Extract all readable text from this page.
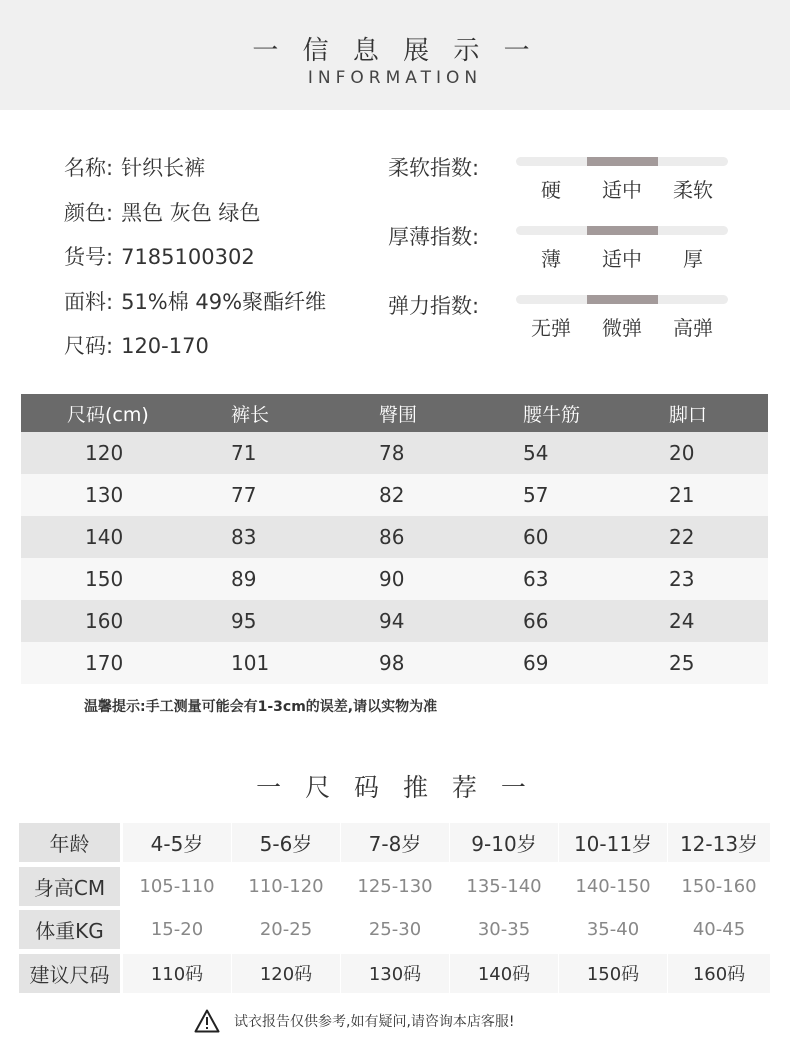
一 信 息 展 示 一
INFORMATION
名称: 针织长裤
颜色: 黑色 灰色 绿色
货号: 7185100302
面料: 51%棉 49%聚酯纤维
尺码: 120-170
柔软指数:
硬	适中	柔软
厚薄指数:
薄	适中	厚
弹力指数:
无弹	微弹	高弹
尺码(cm)	裤长	臀围	腰牛筋	脚口
120	71	78	54	20
130	77	82	57	21
140	83	86	60	22
150	89	90	63	23
160	95	94	66	24
170	101	98	69	25
温馨提示:手工测量可能会有1-3cm的误差,请以实物为准
一 尺 码 推 荐 一
年龄	4-5岁	5-6岁	7-8岁	9-10岁	10-11岁	12-13岁
身高CM	105-110	110-120	125-130	135-140	140-150	150-160
体重KG	15-20	20-25	25-30	30-35	35-40	40-45
建议尺码	110码	120码	130码	140码	150码	160码
试衣报告仅供参考,如有疑问,请咨询本店客服!
